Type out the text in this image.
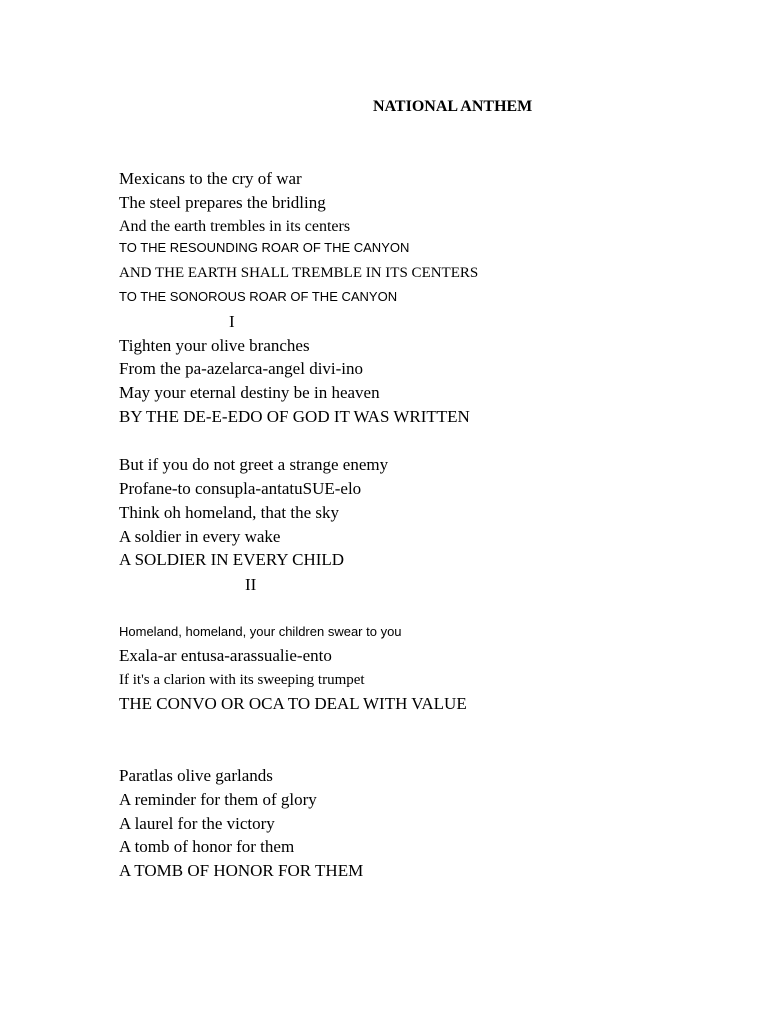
NATIONAL ANTHEM
Mexicans to the cry of war
The steel prepares the bridling
And the earth trembles in its centers
TO THE RESOUNDING ROAR OF THE CANYON
AND THE EARTH SHALL TREMBLE IN ITS CENTERS
TO THE SONOROUS ROAR OF THE CANYON
I
Tighten your olive branches
From the pa-azelarca-angel divi-ino
May your eternal destiny be in heaven
BY THE DE-E-EDO OF GOD IT WAS WRITTEN
But if you do not greet a strange enemy
Profane-to consupla-antatuSUE-elo
Think oh homeland, that the sky
A soldier in every wake
A SOLDIER IN EVERY CHILD
II
Homeland, homeland, your children swear to you
Exala-ar entusa-arassualie-ento
If it's a clarion with its sweeping trumpet
THE CONVO OR OCA TO DEAL WITH VALUE
Paratlas olive garlands
A reminder for them of glory
A laurel for the victory
A tomb of honor for them
A TOMB OF HONOR FOR THEM
